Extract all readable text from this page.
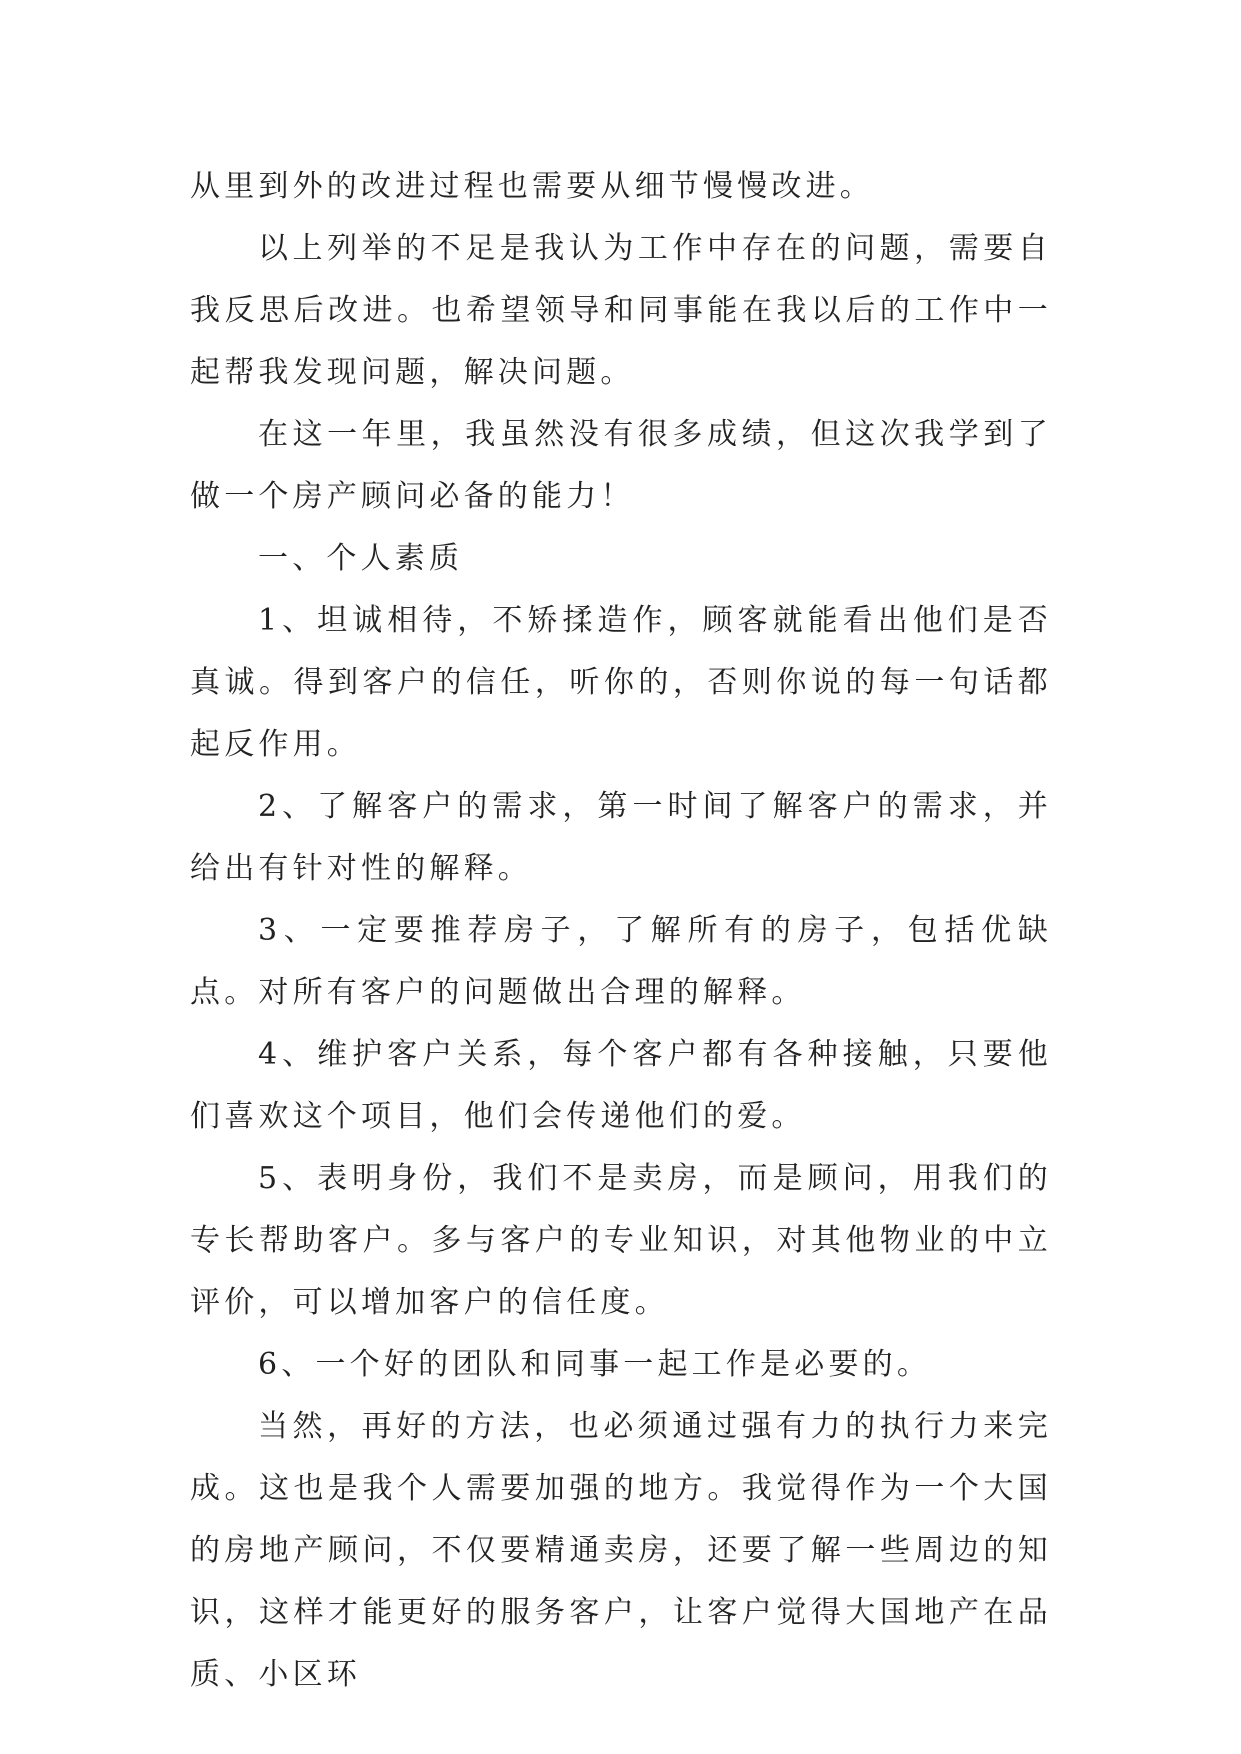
从里到外的改进过程也需要从细节慢慢改进。

以上列举的不足是我认为工作中存在的问题，需要自我反思后改进。也希望领导和同事能在我以后的工作中一起帮我发现问题，解决问题。

在这一年里，我虽然没有很多成绩，但这次我学到了做一个房产顾问必备的能力！

一、个人素质

1、坦诚相待，不矫揉造作，顾客就能看出他们是否真诚。得到客户的信任，听你的，否则你说的每一句话都起反作用。

2、了解客户的需求，第一时间了解客户的需求，并给出有针对性的解释。

3、一定要推荐房子，了解所有的房子，包括优缺点。对所有客户的问题做出合理的解释。

4、维护客户关系，每个客户都有各种接触，只要他们喜欢这个项目，他们会传递他们的爱。

5、表明身份，我们不是卖房，而是顾问，用我们的专长帮助客户。多与客户的专业知识，对其他物业的中立评价，可以增加客户的信任度。

6、一个好的团队和同事一起工作是必要的。

当然，再好的方法，也必须通过强有力的执行力来完成。这也是我个人需要加强的地方。我觉得作为一个大国的房地产顾问，不仅要精通卖房，还要了解一些周边的知识，这样才能更好的服务客户，让客户觉得大国地产在品质、小区环
